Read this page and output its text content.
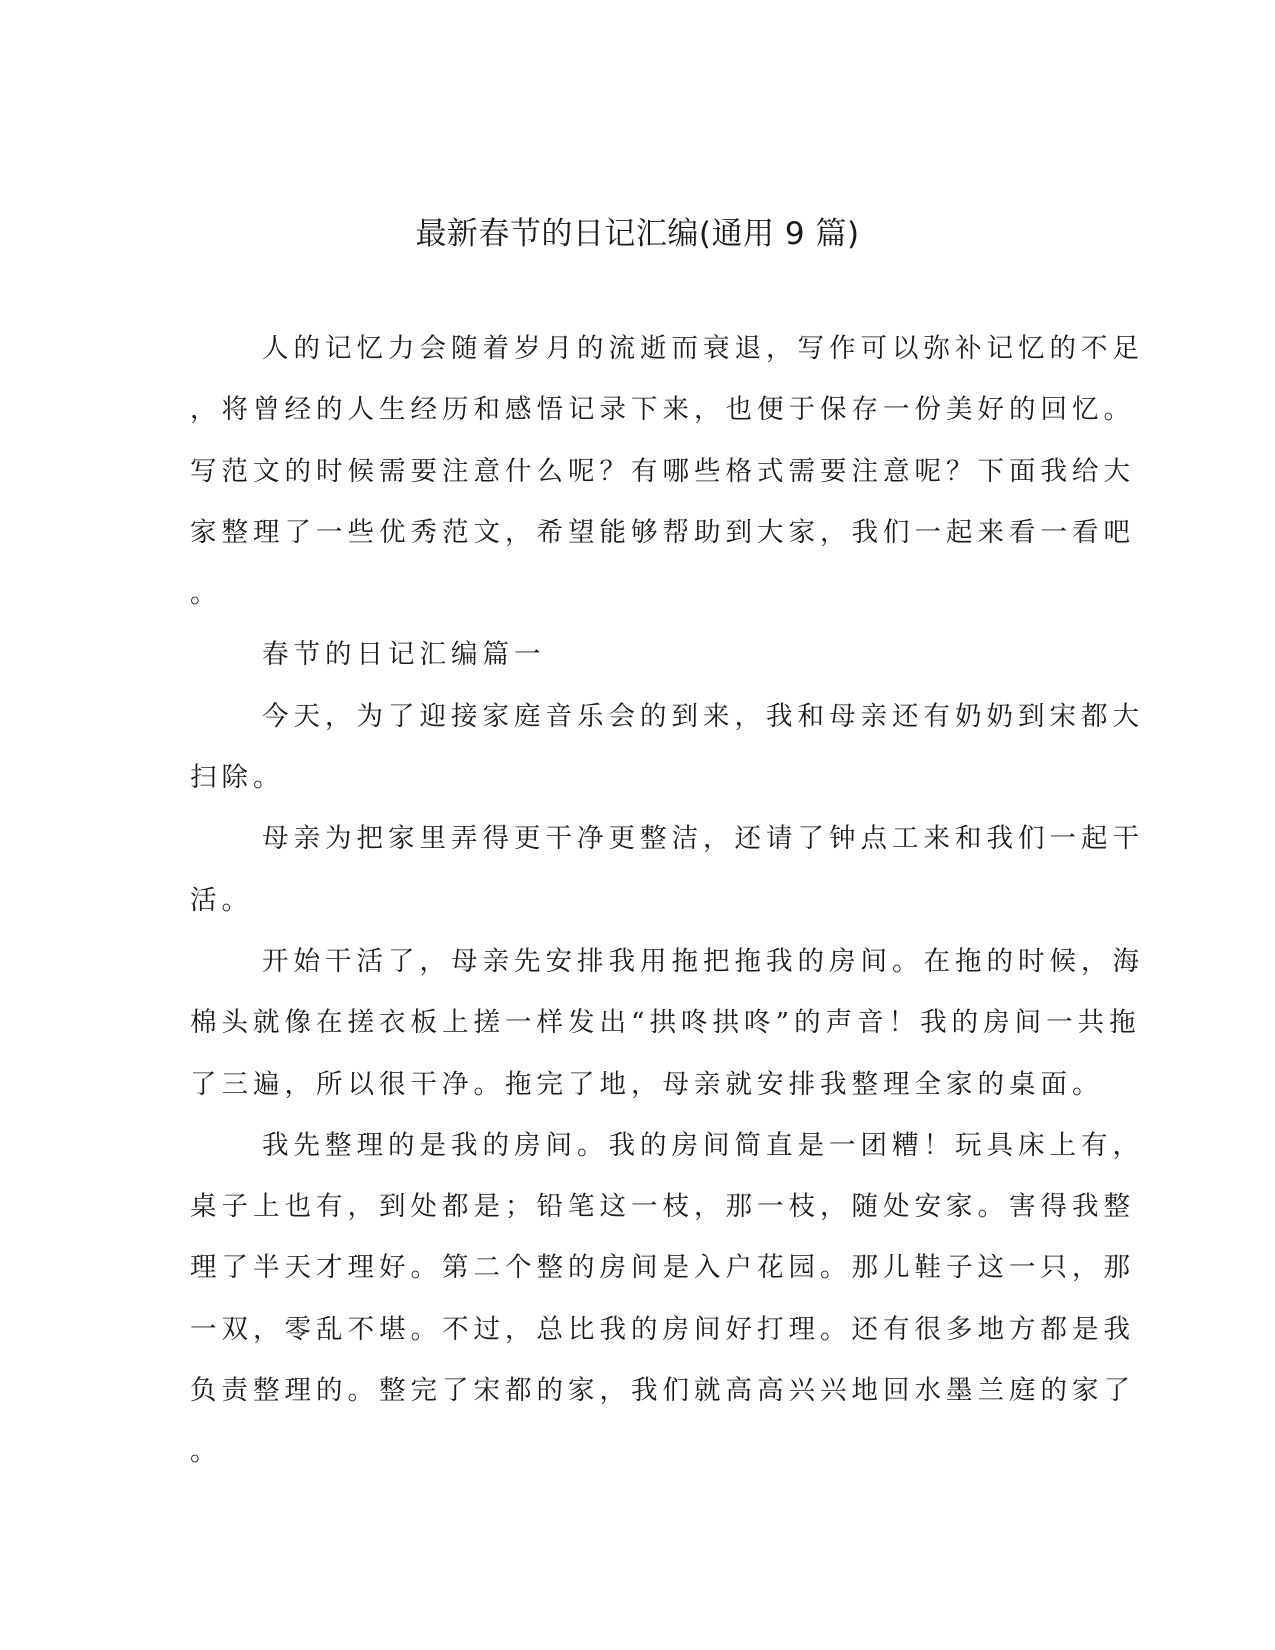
最新春节的日记汇编(通用 9 篇)
人的记忆力会随着岁月的流逝而衰退，写作可以弥补记忆的不足
，将曾经的人生经历和感悟记录下来，也便于保存一份美好的回忆。
写范文的时候需要注意什么呢？有哪些格式需要注意呢？下面我给大
家整理了一些优秀范文，希望能够帮助到大家，我们一起来看一看吧
。
春节的日记汇编篇一
今天，为了迎接家庭音乐会的到来，我和母亲还有奶奶到宋都大
扫除。
母亲为把家里弄得更干净更整洁，还请了钟点工来和我们一起干
活。
开始干活了，母亲先安排我用拖把拖我的房间。在拖的时候，海
棉头就像在搓衣板上搓一样发出“拱咚拱咚”的声音！我的房间一共拖
了三遍，所以很干净。拖完了地，母亲就安排我整理全家的桌面。
我先整理的是我的房间。我的房间简直是一团糟！玩具床上有，
桌子上也有，到处都是；铅笔这一枝，那一枝，随处安家。害得我整
理了半天才理好。第二个整的房间是入户花园。那儿鞋子这一只，那
一双，零乱不堪。不过，总比我的房间好打理。还有很多地方都是我
负责整理的。整完了宋都的家，我们就高高兴兴地回水墨兰庭的家了
。
